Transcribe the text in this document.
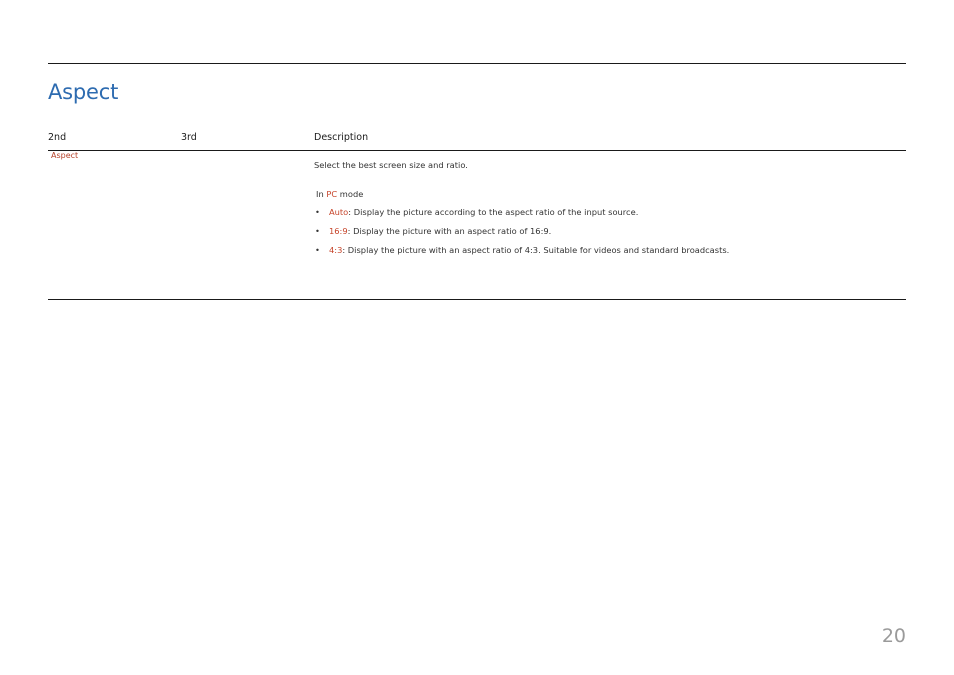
Aspect
2nd	3rd	Description
Aspect
Select the best screen size and ratio.
In PC mode
• Auto: Display the picture according to the aspect ratio of the input source.
• 16:9: Display the picture with an aspect ratio of 16:9.
• 4:3: Display the picture with an aspect ratio of 4:3. Suitable for videos and standard broadcasts.
20
